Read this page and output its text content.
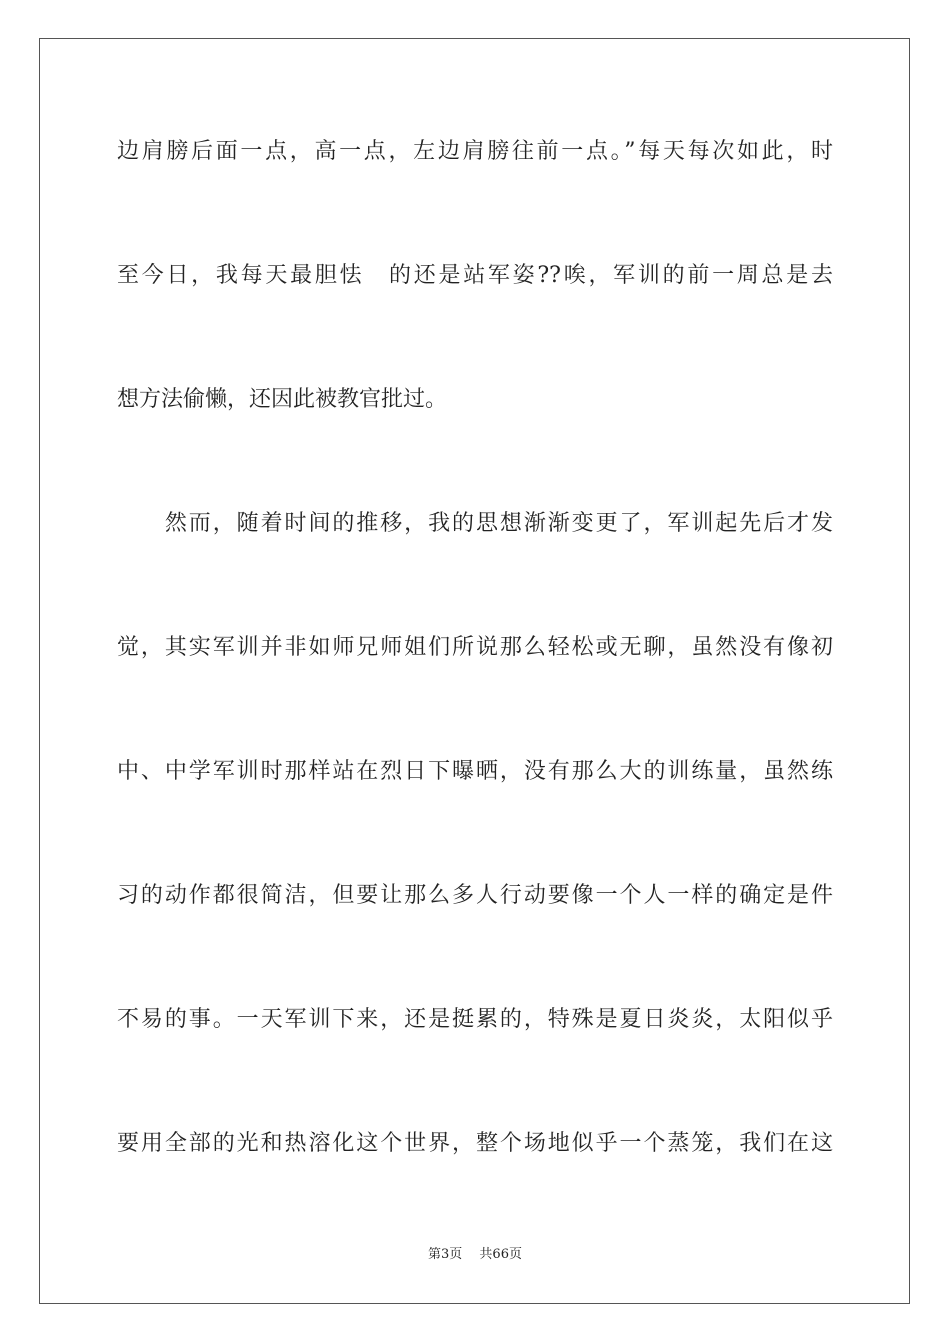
边肩膀后面一点，高一点，左边肩膀往前一点。”每天每次如此，时
至今日，我每天最胆怯　的还是站军姿??唉，军训的前一周总是去
想方法偷懒，还因此被教官批过。
　　然而，随着时间的推移，我的思想渐渐变更了，军训起先后才发
觉，其实军训并非如师兄师姐们所说那么轻松或无聊，虽然没有像初
中、中学军训时那样站在烈日下曝晒，没有那么大的训练量，虽然练
习的动作都很简洁，但要让那么多人行动要像一个人一样的确定是件
不易的事。一天军训下来，还是挺累的，特殊是夏日炎炎，太阳似乎
要用全部的光和热溶化这个世界，整个场地似乎一个蒸笼，我们在这
第3页　 共66页
